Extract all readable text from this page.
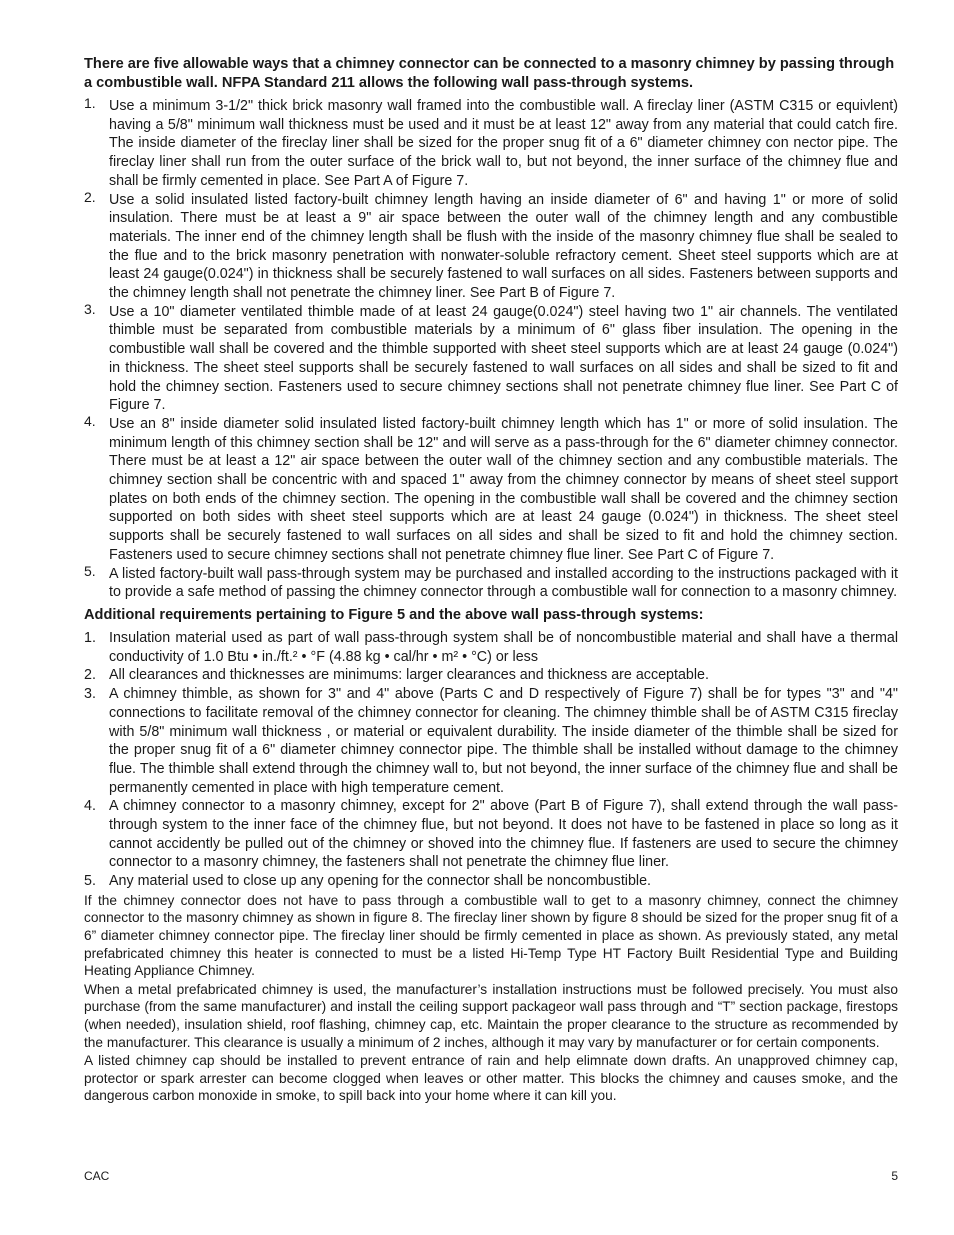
There are five allowable ways that a chimney connector can be connected to a masonry chimney by passing through a combustible wall. NFPA Standard 211 allows the following wall pass-through systems.
1. Use a minimum 3-1/2" thick brick masonry wall framed into the combustible wall. A fireclay liner (ASTM C315 or equivlent) having a 5/8" minimum wall thickness must be used and it must be at least 12" away from any material that could catch fire. The inside diameter of the fireclay liner shall be sized for the proper snug fit of a 6" diameter chimney con nector pipe. The fireclay liner shall run from the outer surface of the brick wall to, but not beyond, the inner surface of the chimney flue and shall be firmly cemented in place. See Part A of Figure 7.
2. Use a solid insulated listed factory-built chimney length having an inside diameter of 6" and having 1" or more of solid insulation. There must be at least a 9" air space between the outer wall of the chimney length and any combustible materials. The inner end of the chimney length shall be flush with the inside of the masonry chimney flue shall be sealed to the flue and to the brick masonry penetration with nonwater-soluble refractory cement. Sheet steel supports which are at least 24 gauge(0.024") in thickness shall be securely fastened to wall surfaces on all sides. Fasteners between supports and the chimney length shall not penetrate the chimney liner. See Part B of Figure 7.
3. Use a 10" diameter ventilated thimble made of at least 24 gauge(0.024") steel having two 1" air channels. The ventilated thimble must be separated from combustible materials by a minimum of 6" glass fiber insulation. The opening in the combustible wall shall be covered and the thimble supported with sheet steel supports which are at least 24 gauge (0.024") in thickness. The sheet steel supports shall be securely fastened to wall surfaces on all sides and shall be sized to fit and hold the chimney section. Fasteners used to secure chimney sections shall not penetrate chimney flue liner. See Part C of Figure 7.
4. Use an 8" inside diameter solid insulated listed factory-built chimney length which has 1" or more of solid insulation. The minimum length of this chimney section shall be 12" and will serve as a pass-through for the 6" diameter chimney connector. There must be at least a 12" air space between the outer wall of the chimney section and any combustible materials. The chimney section shall be concentric with and spaced 1" away from the chimney connector by means of sheet steel support plates on both ends of the chimney section. The opening in the combustible wall shall be covered and the chimney section supported on both sides with sheet steel supports which are at least 24 gauge (0.024") in thickness. The sheet steel supports shall be securely fastened to wall surfaces on all sides and shall be sized to fit and hold the chimney section. Fasteners used to secure chimney sections shall not penetrate chimney flue liner. See Part C of Figure 7.
5. A listed factory-built wall pass-through system may be purchased and installed according to the instructions packaged with it to provide a safe method of passing the chimney connector through a combustible wall for connection to a masonry chimney.
Additional requirements pertaining to Figure 5 and the above wall pass-through systems:
1. Insulation material used as part of wall pass-through system shall be of noncombustible material and shall have a thermal conductivity of 1.0 Btu • in./ft.² • °F (4.88 kg • cal/hr • m² • °C) or less
2. All clearances and thicknesses are minimums: larger clearances and thickness are acceptable.
3. A chimney thimble, as shown for 3" and 4" above (Parts C and D respectively of Figure 7) shall be for types "3" and "4" connections to facilitate removal of the chimney connector for cleaning. The chimney thimble shall be of ASTM C315 fireclay with 5/8" minimum wall thickness , or material or equivalent durability. The inside diameter of the thimble shall be sized for the proper snug fit of a 6" diameter chimney connector pipe. The thimble shall be installed without damage to the chimney flue. The thimble shall extend through the chimney wall to, but not beyond, the inner surface of the chimney flue and shall be permanently cemented in place with high temperature cement.
4. A chimney connector to a masonry chimney, except for 2" above (Part B of Figure 7), shall extend through the wall pass-through system to the inner face of the chimney flue, but not beyond. It does not have to be fastened in place so long as it cannot accidently be pulled out of the chimney or shoved into the chimney flue. If fasteners are used to secure the chimney connector to a masonry chimney, the fasteners shall not penetrate the chimney flue liner.
5. Any material used to close up any opening for the connector shall be noncombustible.

If the chimney connector does not have to pass through a combustible wall to get to a masonry chimney, connect the chimney connector to the masonry chimney as shown in figure 8. The fireclay liner shown by figure 8 should be sized for the proper snug fit of a 6” diameter chimney connector pipe. The fireclay liner should be firmly cemented in place as shown. As previously stated, any metal prefabricated chimney this heater is connected to must be a listed Hi-Temp Type HT Factory Built Residential Type and Building Heating Appliance Chimney.

When a metal prefabricated chimney is used, the manufacturer’s installation instructions must be followed precisely. You must also purchase (from the same manufacturer) and install the ceiling support packageor wall pass through and “T” section package, firestops (when needed), insulation shield, roof flashing, chimney cap, etc. Maintain the proper clearance to the structure as recommended by the manufacturer. This clearance is usually a minimum of 2 inches, although it may vary by manufacturer or for certain components.

A listed chimney cap should be installed to prevent entrance of rain and help elimnate down drafts. An unapproved chimney cap, protector or spark arrester can become clogged when leaves or other matter. This blocks the chimney and causes smoke, and the dangerous carbon monoxide in smoke, to spill back into your home where it can kill you.

CAC	5
